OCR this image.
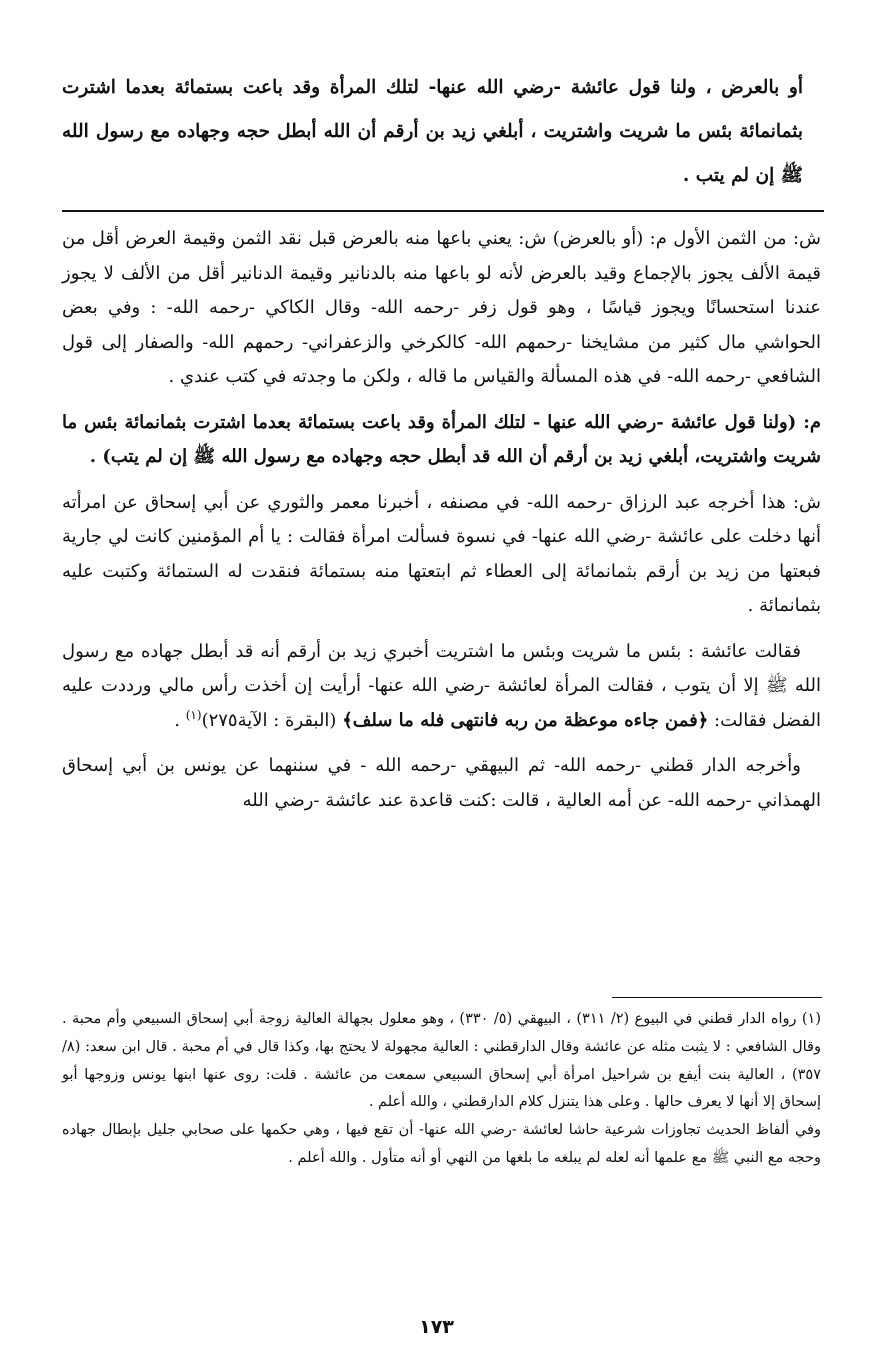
أو بالعرض ، ولنا قول عائشة -رضي الله عنها- لتلك المرأة وقد باعت بستمائة بعدما اشترت بثمانمائة بئس ما شريت واشتريت ، أبلغي زيد بن أرقم أن الله أبطل حجه وجهاده مع رسول الله ﷺ إن لم يتب .

ش: من الثمن الأول م: (أو بالعرض) ش: يعني باعها منه بالعرض قبل نقد الثمن وقيمة العرض أقل من قيمة الألف يجوز بالإجماع وقيد بالعرض لأنه لو باعها منه بالدنانير وقيمة الدنانير أقل من الألف لا يجوز عندنا استحسانًا ويجوز قياسًا ، وهو قول زفر -رحمه الله- وقال الكاكي -رحمه الله- : وفي بعض الحواشي مال كثير من مشايخنا -رحمهم الله- كالكرخي والزعفراني- رحمهم الله- والصفار إلى قول الشافعي -رحمه الله- في هذه المسألة والقياس ما قاله ، ولكن ما وجدته في كتب عندي .

م: (ولنا قول عائشة -رضي الله عنها - لتلك المرأة وقد باعت بستمائة بعدما اشترت بثمانمائة بئس ما شريت واشتريت، أبلغي زيد بن أرقم أن الله قد أبطل حجه وجهاده مع رسول الله ﷺ إن لم يتب) .

ش: هذا أخرجه عبد الرزاق -رحمه الله- في مصنفه ، أخبرنا معمر والثوري عن أبي إسحاق عن امرأته أنها دخلت على عائشة -رضي الله عنها- في نسوة فسألت امرأة فقالت : يا أم المؤمنين كانت لي جارية فبعتها من زيد بن أرقم بثمانمائة إلى العطاء ثم ابتعتها منه بستمائة فنقدت له الستمائة وكتبت عليه بثمانمائة .

فقالت عائشة : بئس ما شريت وبئس ما اشتريت أخبري زيد بن أرقم أنه قد أبطل جهاده مع رسول الله ﷺ إلا أن يتوب ، فقالت المرأة لعائشة -رضي الله عنها- أرأيت إن أخذت رأس مالي ورددت عليه الفضل فقالت: ﴿فمن جاءه موعظة من ربه فانتهى فله ما سلف﴾ (البقرة : الآية٢٧٥)$^{(١)}$ .

وأخرجه الدار قطني -رحمه الله- ثم البيهقي -رحمه الله - في سننهما عن يونس بن أبي إسحاق الهمذاني -رحمه الله- عن أمه العالية ، قالت :كنت قاعدة عند عائشة -رضي الله

(١) رواه الدار قطني في البيوع (٢/ ٣١١) ، البيهقي (٥/ ٣٣٠) ، وهو معلول بجهالة العالية زوجة أبي إسحاق السبيعي وأم محبة . وقال الشافعي : لا يثبت مثله عن عائشة وقال الدارقطني : العالية مجهولة لا يحتج بها، وكذا قال في أم محبة . قال ابن سعد: (٨/ ٣٥٧) ، العالية بنت أيفع بن شراحيل امرأة أبي إسحاق السبيعي سمعت من عائشة . قلت: روى عنها ابنها يونس وزوجها أبو إسحاق إلا أنها لا يعرف حالها . وعلى هذا يتنزل كلام الدارقطني ، والله أعلم .

وفي ألفاظ الحديث تجاوزات شرعية حاشا لعائشة -رضي الله عنها- أن تقع فيها ، وهي حكمها على صحابي جليل بإبطال جهاده وحجه مع النبي ﷺ مع علمها أنه لعله لم يبلغه ما بلغها من النهي أو أنه متأول . والله أعلم .

١٧٣
